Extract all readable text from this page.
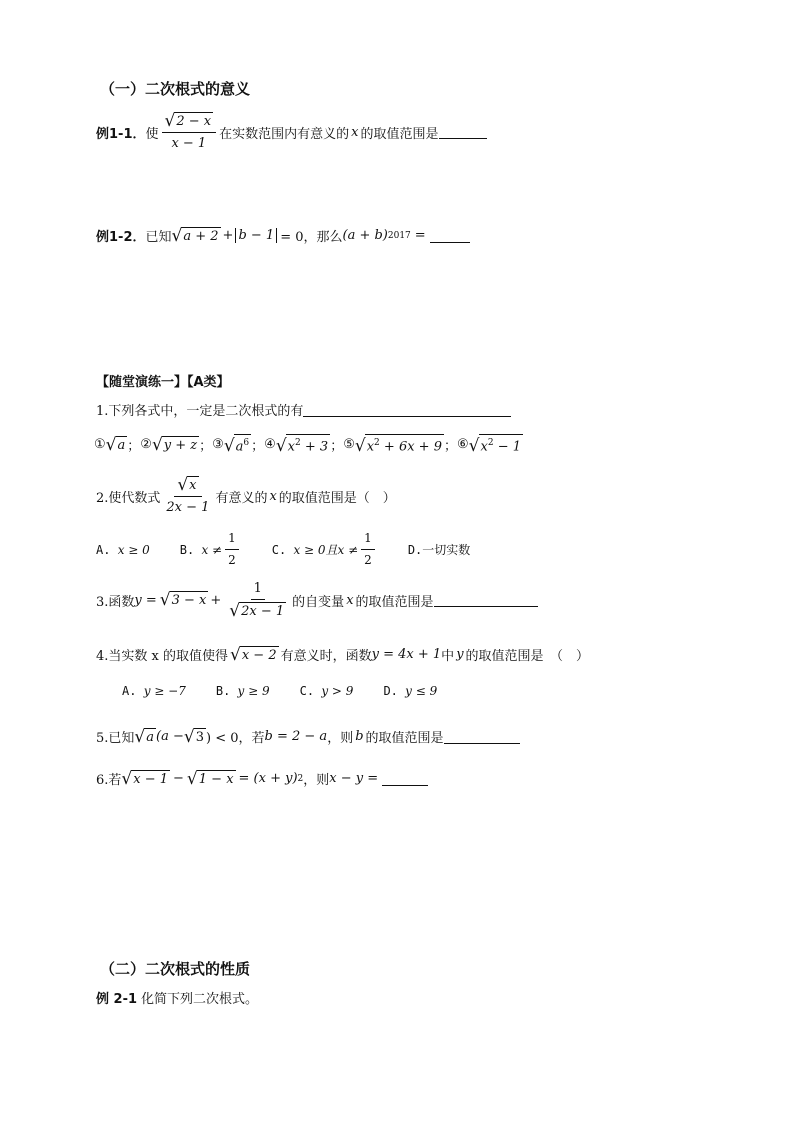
（一）二次根式的意义
例1-1． 使 $\frac{√ 2 - x}{x - 1}$ 在实数范围内有意义的 x 的取值范围是
例1-2． 已知 √ a + 2 + b − 1 = 0，那么 (a + b) 2017 =
【随堂演练一】【A类】
1.下列各式中，一定是二次根式的有
① √ a ； ② √ y + z ； ③ √ $a^6$ ； ④ √ $x^2 + 3$ ； ⑤ √ $x^2 + 6x + 9$ ； ⑥ √ $x^2 - 1$
2.使代数式 $\frac{√ x}{2x - 1}$ 有意义的 x 的取值范围是（　）
A. x ≥ 0	B.
$x \ne \frac{1}{2}$	C.
x ≥ 0且$x \ne \frac{1}{2}$	D.一切实数
3.函数 y = √ $3 - x + \frac{1}{√ 2x - 1}$ 的自变量 x 的取值范围是
4.当实数 x 的取值使得 √ x − 2 有意义时，函数 y = 4x + 1 中 y 的取值范围是　（　）
A. y ≥ −7	B. y ≥ 9	C. y > 9	D. y ≤ 9
5.已知 √ a (a − √ 3 ) < 0，若 b = 2 − a ，则 b 的取值范围是
6.若 √ x − 1 − √ 1 − x = (x + y) 2 ，则 x − y =
（二）二次根式的性质
例 2-1 化简下列二次根式。
